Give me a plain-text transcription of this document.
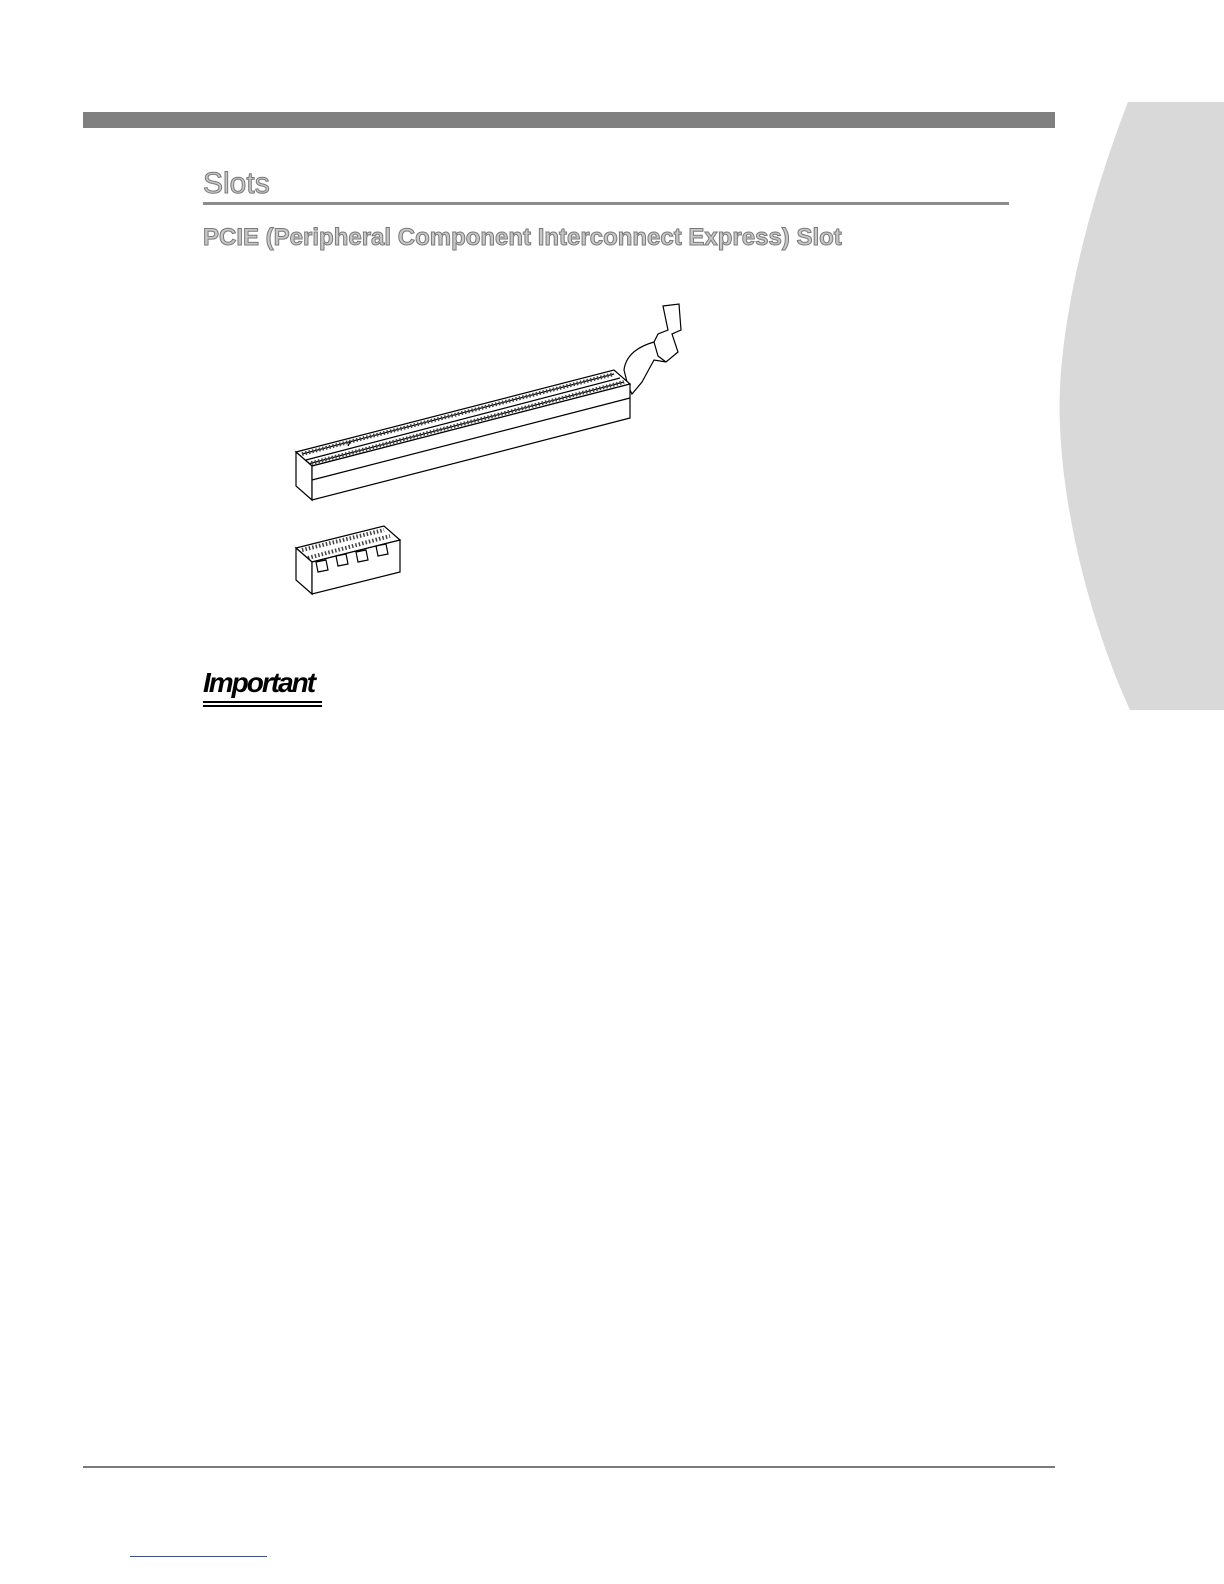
Slots
PCIE (Peripheral Component Interconnect Express) Slot
Important
